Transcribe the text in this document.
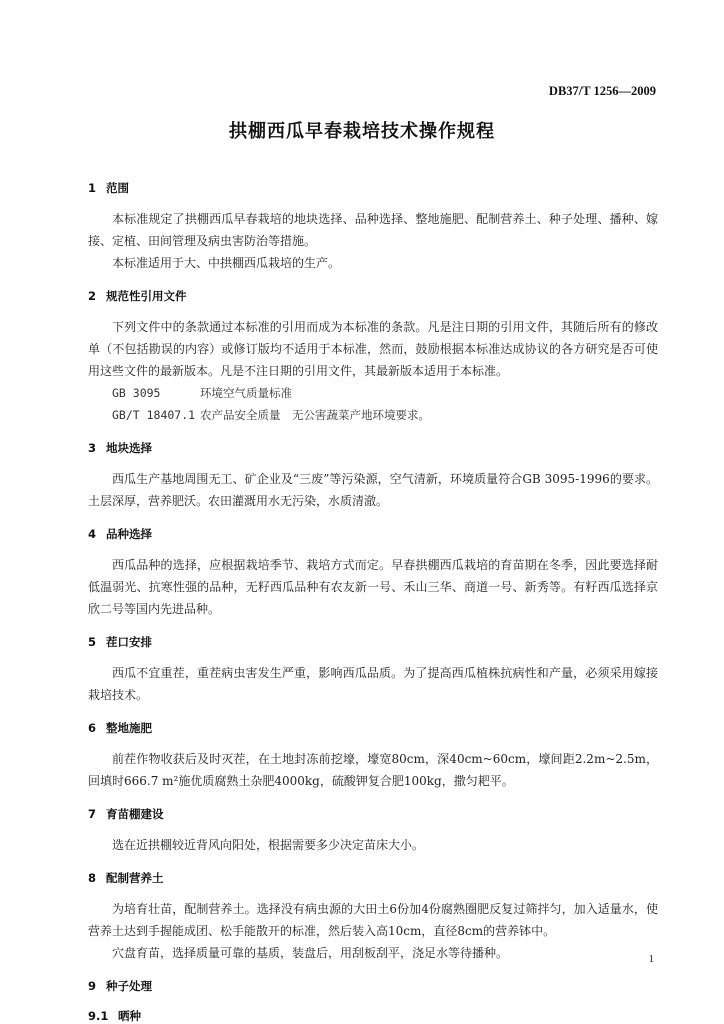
DB37/T 1256—2009
拱棚西瓜早春栽培技术操作规程
1 范围

本标准规定了拱棚西瓜早春栽培的地块选择、品种选择、整地施肥、配制营养土、种子处理、播种、嫁接、定植、田间管理及病虫害防治等措施。

本标准适用于大、中拱棚西瓜栽培的生产。

2 规范性引用文件

下列文件中的条款通过本标准的引用而成为本标准的条款。凡是注日期的引用文件，其随后所有的修改单（不包括勘误的内容）或修订版均不适用于本标准，然而，鼓励根据本标准达成协议的各方研究是否可使用这些文件的最新版本。凡是不注日期的引用文件，其最新版本适用于本标准。

GB 3095	环境空气质量标准
GB/T 18407.1 农产品安全质量　无公害蔬菜产地环境要求。
3 地块选择

西瓜生产基地周围无工、矿企业及“三废”等污染源，空气清新，环境质量符合GB 3095-1996的要求。土层深厚，营养肥沃。农田灌溉用水无污染，水质清澈。

4 品种选择

西瓜品种的选择，应根据栽培季节、栽培方式而定。早春拱棚西瓜栽培的育苗期在冬季，因此要选择耐低温弱光、抗寒性强的品种，无籽西瓜品种有农友新一号、禾山三华、商道一号、新秀等。有籽西瓜选择京欣二号等国内先进品种。

5 茬口安排

西瓜不宜重茬，重茬病虫害发生严重，影响西瓜品质。为了提高西瓜植株抗病性和产量，必须采用嫁接栽培技术。

6 整地施肥

前茬作物收获后及时灭茬，在土地封冻前挖壕，壕宽80cm，深40cm~60cm，壕间距2.2m~2.5m，回填时666.7 m²施优质腐熟土杂肥4000kg，硫酸钾复合肥100kg，撒匀耙平。

7 育苗棚建设

选在近拱棚较近背风向阳处，根据需要多少决定苗床大小。

8 配制营养土

为培育壮苗，配制营养土。选择没有病虫源的大田土6份加4份腐熟圈肥反复过筛拌匀，加入适量水，使营养土达到手握能成团、松手能散开的标准，然后装入高10cm，直径8cm的营养钵中。

穴盘育苗，选择质量可靠的基质，装盘后，用刮板刮平，浇足水等待播种。

9 种子处理
9.1 晒种
1
